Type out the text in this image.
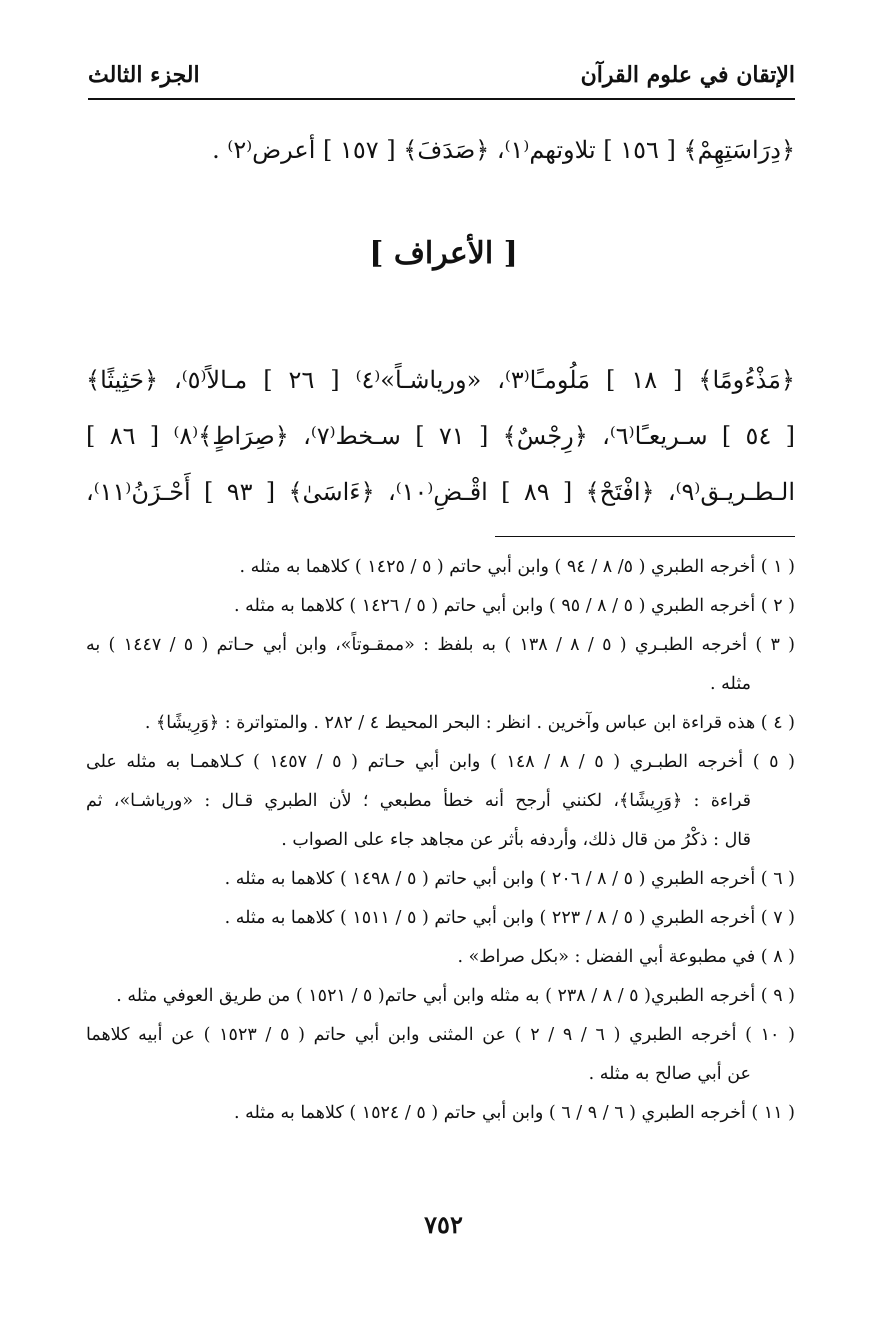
الإتقان في علوم القرآن
الجزء الثالث
﴿دِرَاسَتِهِمْ﴾ [ ١٥٦ ] تلاوتهم⁽١⁾، ﴿صَدَفَ﴾ [ ١٥٧ ] أعرض⁽٢⁾ .
[ الأعراف ]
﴿مَذْءُومًا﴾ [ ١٨ ] مَلُومـًا⁽٣⁾، «ورياشـاً»⁽٤⁾ [ ٢٦ ] مـالاً⁽٥⁾، ﴿حَثِيثًا﴾
[ ٥٤ ] سـريعـًا⁽٦⁾، ﴿رِجْسٌ﴾ [ ٧١ ] سـخط⁽٧⁾، ﴿صِرَاطٍ﴾⁽٨⁾ [ ٨٦ ]
الـطـريـق⁽٩⁾، ﴿افْتَحْ﴾ [ ٨٩ ] اقْـضِ⁽١٠⁾، ﴿ءَاسَىٰ﴾ [ ٩٣ ] أَحْـزَنُ⁽١١⁾،
( ١ ) أخرجه الطبري ( ٥/ ٨ / ٩٤ ) وابن أبي حاتم ( ٥ / ١٤٢٥ ) كلاهما به مثله .
( ٢ ) أخرجه الطبري ( ٥ / ٨ / ٩٥ ) وابن أبي حاتم ( ٥ / ١٤٢٦ ) كلاهما به مثله .
( ٣ ) أخرجه الطبـري ( ٥ / ٨ / ١٣٨ ) به بلفظ : «ممقـوتاً»، وابن أبي حـاتم ( ٥ / ١٤٤٧ ) به
مثله .
( ٤ ) هذه قراءة ابن عباس وآخرين . انظر : البحر المحيط ٤ / ٢٨٢ . والمتواترة : ﴿وَرِيشًا﴾ .
( ٥ ) أخرجه الطبـري ( ٥ / ٨ / ١٤٨ ) وابن أبي حـاتم ( ٥ / ١٤٥٧ ) كـلاهمـا به مثله على
قراءة : ﴿وَرِيشًا﴾، لكنني أرجح أنه خطأ مطبعي ؛ لأن الطبري قـال : «ورياشـا»، ثم
قال : ذكْرُ من قال ذلك، وأردفه بأثر عن مجاهد جاء على الصواب .
( ٦ ) أخرجه الطبري ( ٥ / ٨ / ٢٠٦ ) وابن أبي حاتم ( ٥ / ١٤٩٨ ) كلاهما به مثله .
( ٧ ) أخرجه الطبري ( ٥ / ٨ / ٢٢٣ ) وابن أبي حاتم ( ٥ / ١٥١١ ) كلاهما به مثله .
( ٨ ) في مطبوعة أبي الفضل : «بكل صراط» .
( ٩ ) أخرجه الطبري( ٥ / ٨ / ٢٣٨ ) به مثله وابن أبي حاتم( ٥ / ١٥٢١ ) من طريق العوفي مثله .
( ١٠ ) أخرجه الطبري ( ٦ / ٩ / ٢ ) عن المثنى وابن أبي حاتم ( ٥ / ١٥٢٣ ) عن أبيه كلاهما
عن أبي صالح به مثله .
( ١١ ) أخرجه الطبري ( ٦ / ٩ / ٦ ) وابن أبي حاتم ( ٥ / ١٥٢٤ ) كلاهما به مثله .
٧٥٢
